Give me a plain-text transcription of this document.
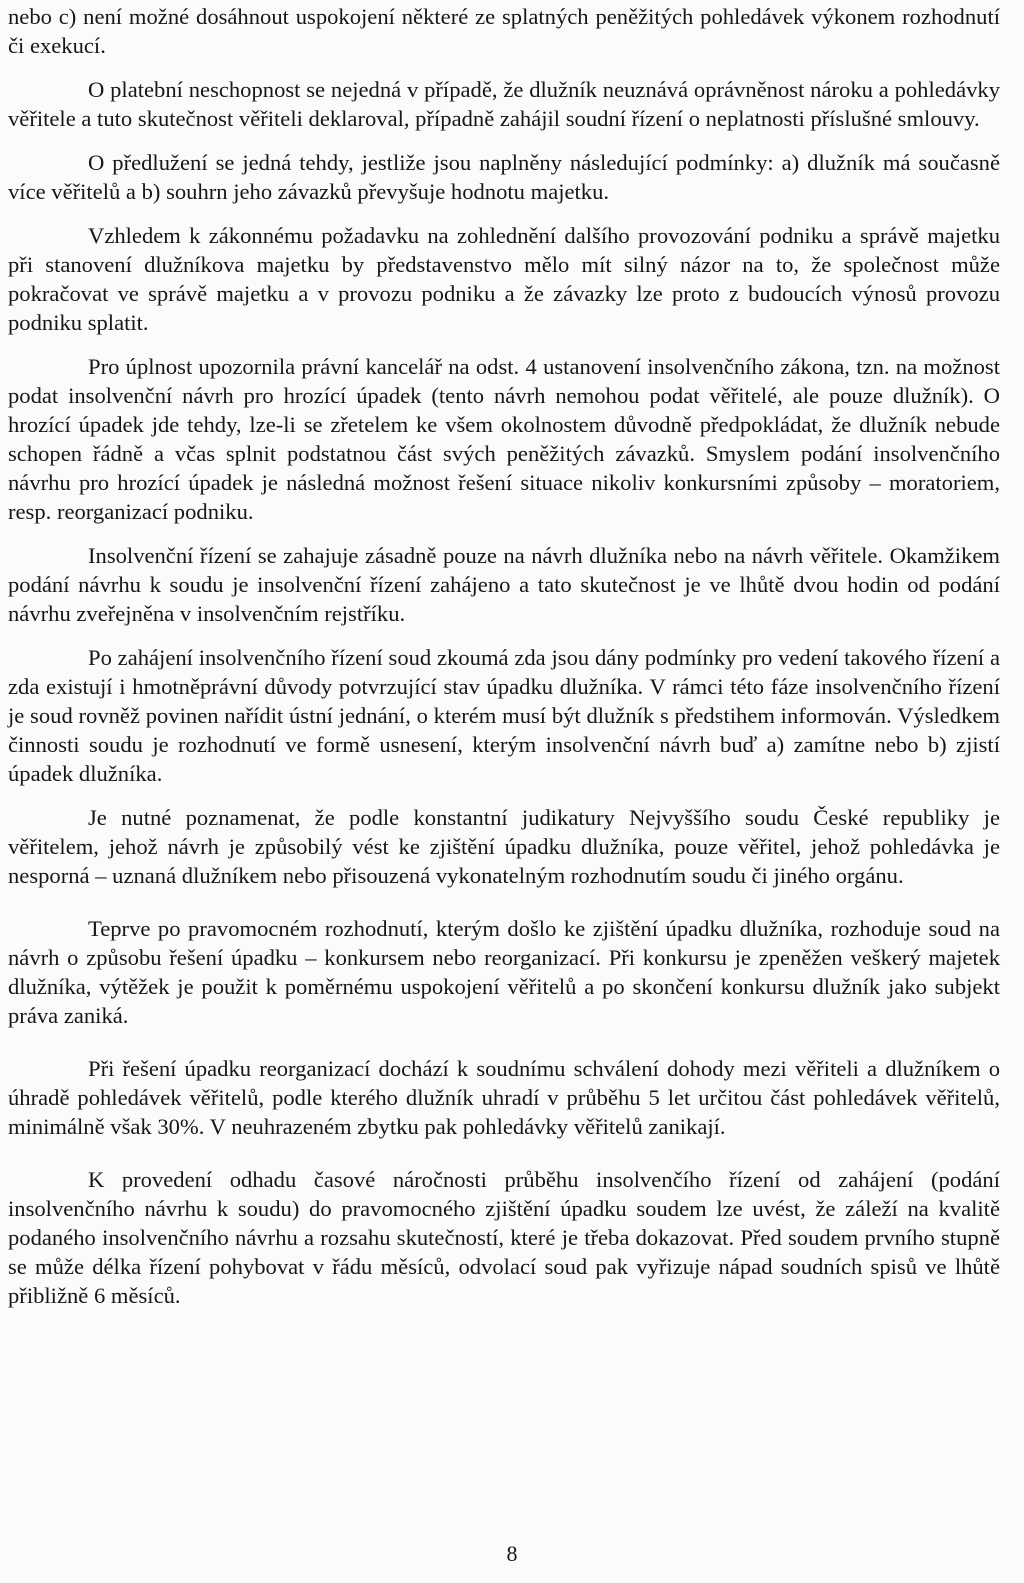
nebo c) není možné dosáhnout uspokojení některé ze splatných peněžitých pohledávek výkonem rozhodnutí či exekucí.

O platební neschopnost se nejedná v případě, že dlužník neuznává oprávněnost nároku a pohledávky věřitele a tuto skutečnost věřiteli deklaroval, případně zahájil soudní řízení o neplatnosti příslušné smlouvy.

O předlužení se jedná tehdy, jestliže jsou naplněny následující podmínky: a) dlužník má současně více věřitelů a b) souhrn jeho závazků převyšuje hodnotu majetku.

Vzhledem k zákonnému požadavku na zohlednění dalšího provozování podniku a správě majetku při stanovení dlužníkova majetku by představenstvo mělo mít silný názor na to, že společnost může pokračovat ve správě majetku a v provozu podniku a že závazky lze proto z budoucích výnosů provozu podniku splatit.

Pro úplnost upozornila právní kancelář na odst. 4 ustanovení insolvenčního zákona, tzn. na možnost podat insolvenční návrh pro hrozící úpadek (tento návrh nemohou podat věřitelé, ale pouze dlužník). O hrozící úpadek jde tehdy, lze-li se zřetelem ke všem okolnostem důvodně předpokládat, že dlužník nebude schopen řádně a včas splnit podstatnou část svých peněžitých závazků. Smyslem podání insolvenčního návrhu pro hrozící úpadek je následná možnost řešení situace nikoliv konkursními způsoby – moratoriem, resp. reorganizací podniku.

Insolvenční řízení se zahajuje zásadně pouze na návrh dlužníka nebo na návrh věřitele. Okamžikem podání návrhu k soudu je insolvenční řízení zahájeno a tato skutečnost je ve lhůtě dvou hodin od podání návrhu zveřejněna v insolvenčním rejstříku.

Po zahájení insolvenčního řízení soud zkoumá zda jsou dány podmínky pro vedení takového řízení a zda existují i hmotněprávní důvody potvrzující stav úpadku dlužníka. V rámci této fáze insolvenčního řízení je soud rovněž povinen nařídit ústní jednání, o kterém musí být dlužník s předstihem informován. Výsledkem činnosti soudu je rozhodnutí ve formě usnesení, kterým insolvenční návrh buď a) zamítne nebo b) zjistí úpadek dlužníka.

Je nutné poznamenat, že podle konstantní judikatury Nejvyššího soudu České republiky je věřitelem, jehož návrh je způsobilý vést ke zjištění úpadku dlužníka, pouze věřitel, jehož pohledávka je nesporná – uznaná dlužníkem nebo přisouzená vykonatelným rozhodnutím soudu či jiného orgánu.

Teprve po pravomocném rozhodnutí, kterým došlo ke zjištění úpadku dlužníka, rozhoduje soud na návrh o způsobu řešení úpadku – konkursem nebo reorganizací. Při konkursu je zpeněžen veškerý majetek dlužníka, výtěžek je použit k poměrnému uspokojení věřitelů a po skončení konkursu dlužník jako subjekt práva zaniká.

Při řešení úpadku reorganizací dochází k soudnímu schválení dohody mezi věřiteli a dlužníkem o úhradě pohledávek věřitelů, podle kterého dlužník uhradí v průběhu 5 let určitou část pohledávek věřitelů, minimálně však 30%. V neuhrazeném zbytku pak pohledávky věřitelů zanikají.

K provedení odhadu časové náročnosti průběhu insolvenčího řízení od zahájení (podání insolvenčního návrhu k soudu) do pravomocného zjištění úpadku soudem lze uvést, že záleží na kvalitě podaného insolvenčního návrhu a rozsahu skutečností, které je třeba dokazovat. Před soudem prvního stupně se může délka řízení pohybovat v řádu měsíců, odvolací soud pak vyřizuje nápad soudních spisů ve lhůtě přibližně 6 měsíců.

8
